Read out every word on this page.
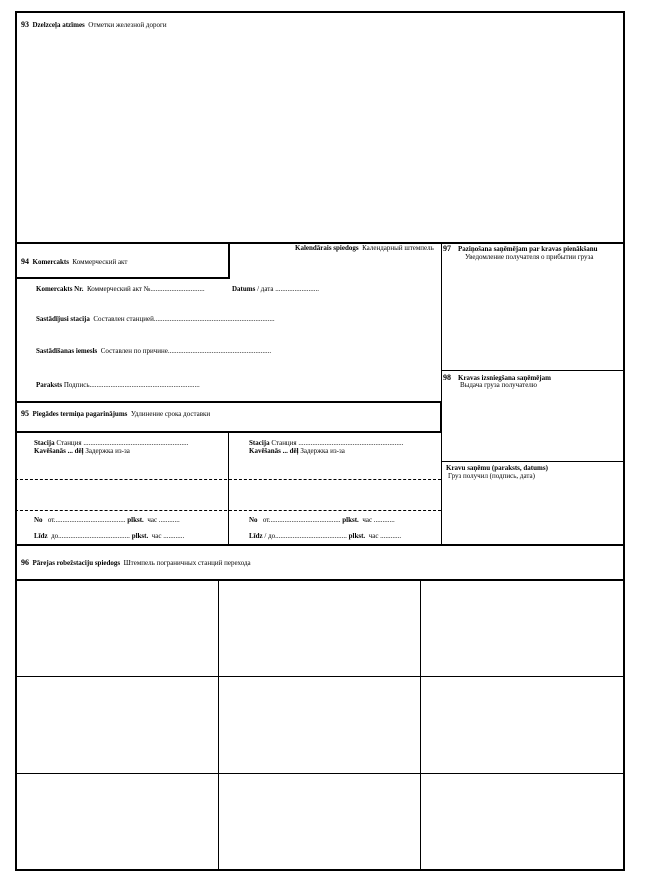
93 Dzelzceļa atzīmes Отметки железной дороги
94 Komercakts Коммерческий акт
Kalendārais spiedogs Календарный штемпель
Komercakts Nr. Коммерческий акт №...............................	Datums / дата .........................
Sastādījusi stacija Составлен станцией.....................................................................
Sastādīšanas iemesls Составлен по причине...........................................................
Paraksts Подпись...............................................................
97 Paziņošana saņēmējam par kravas pienākšanu
Уведомление получателя о прибытии груза
98 Kravas izsniegšana saņēmējam
Выдача груза получателю
Kravu saņēmu (paraksts, datums)
Груз получил (подпись, дата)
95 Piegādes termiņa pagarinājums Удлинение срока доставки
Stacija Станция ............................................................
Kavēšanās ... dēļ Задержка из-за
No от......................................... plkst. час ............
Līdz до......................................... plkst. час ............
Stacija Станция ............................................................
Kavēšanās ... dēļ Задержка из-за
No от......................................... plkst. час ............
Līdz / до......................................... plkst. час ............
96 Pārejas robežstaciju spiedogs Штемпель пограничных станций перехода
